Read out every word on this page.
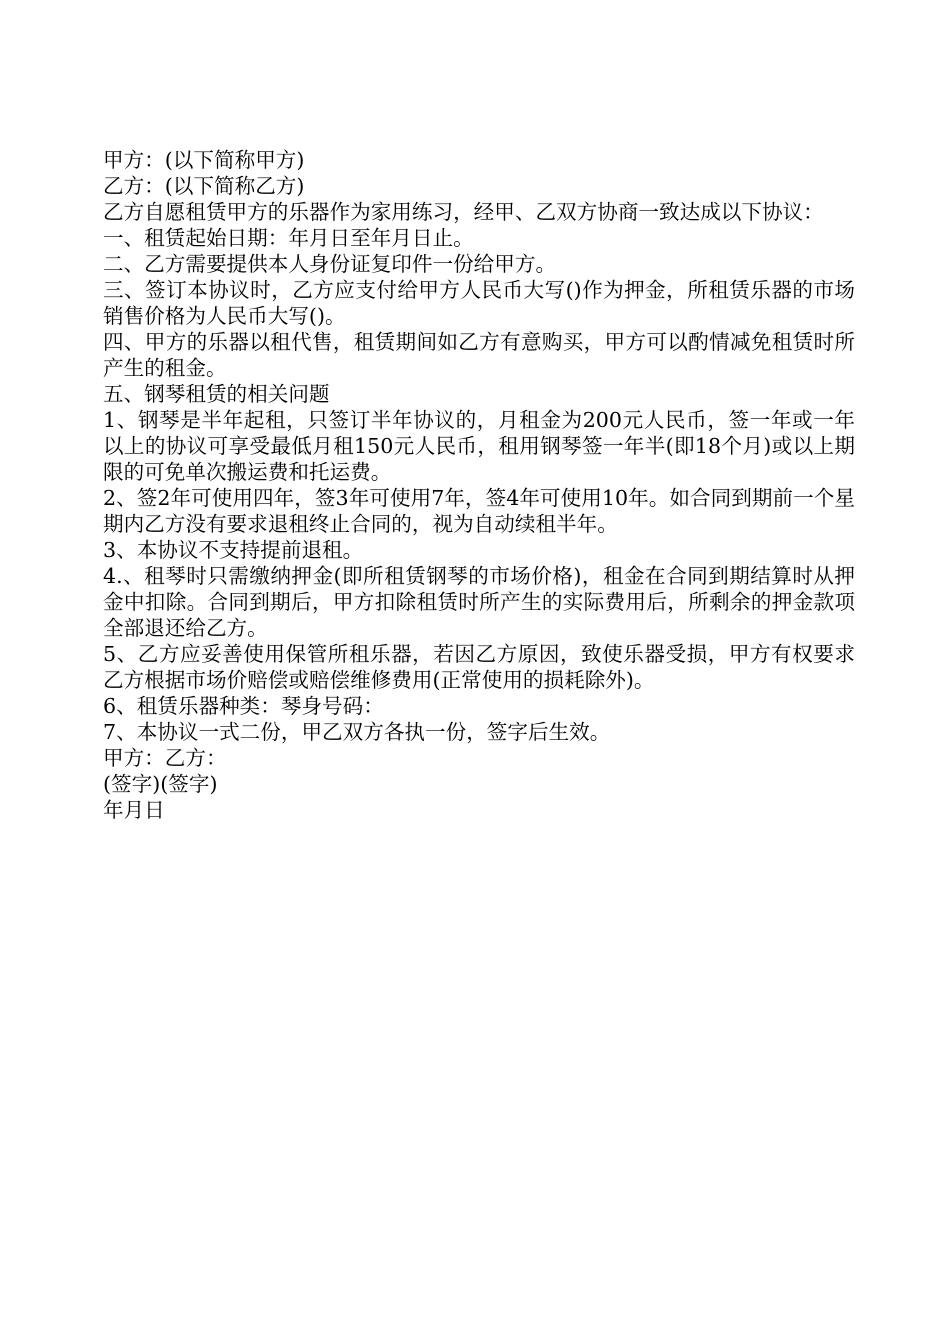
甲方：(以下简称甲方)

乙方：(以下简称乙方)

乙方自愿租赁甲方的乐器作为家用练习，经甲、乙双方协商一致达成以下协议：

一、租赁起始日期：年月日至年月日止。

二、乙方需要提供本人身份证复印件一份给甲方。

三、签订本协议时，乙方应支付给甲方人民币大写()作为押金，所租赁乐器的市场销售价格为人民币大写()。

四、甲方的乐器以租代售，租赁期间如乙方有意购买，甲方可以酌情减免租赁时所产生的租金。

五、钢琴租赁的相关问题

1、钢琴是半年起租，只签订半年协议的，月租金为200元人民币，签一年或一年以上的协议可享受最低月租150元人民币，租用钢琴签一年半(即18个月)或以上期限的可免单次搬运费和托运费。

2、签2年可使用四年，签3年可使用7年，签4年可使用10年。如合同到期前一个星期内乙方没有要求退租终止合同的，视为自动续租半年。

3、本协议不支持提前退租。

4.、租琴时只需缴纳押金(即所租赁钢琴的市场价格)，租金在合同到期结算时从押金中扣除。合同到期后，甲方扣除租赁时所产生的实际费用后，所剩余的押金款项全部退还给乙方。

5、乙方应妥善使用保管所租乐器，若因乙方原因，致使乐器受损，甲方有权要求乙方根据市场价赔偿或赔偿维修费用(正常使用的损耗除外)。

6、租赁乐器种类：琴身号码：

7、本协议一式二份，甲乙双方各执一份，签字后生效。

甲方：乙方：

(签字)(签字)

年月日
